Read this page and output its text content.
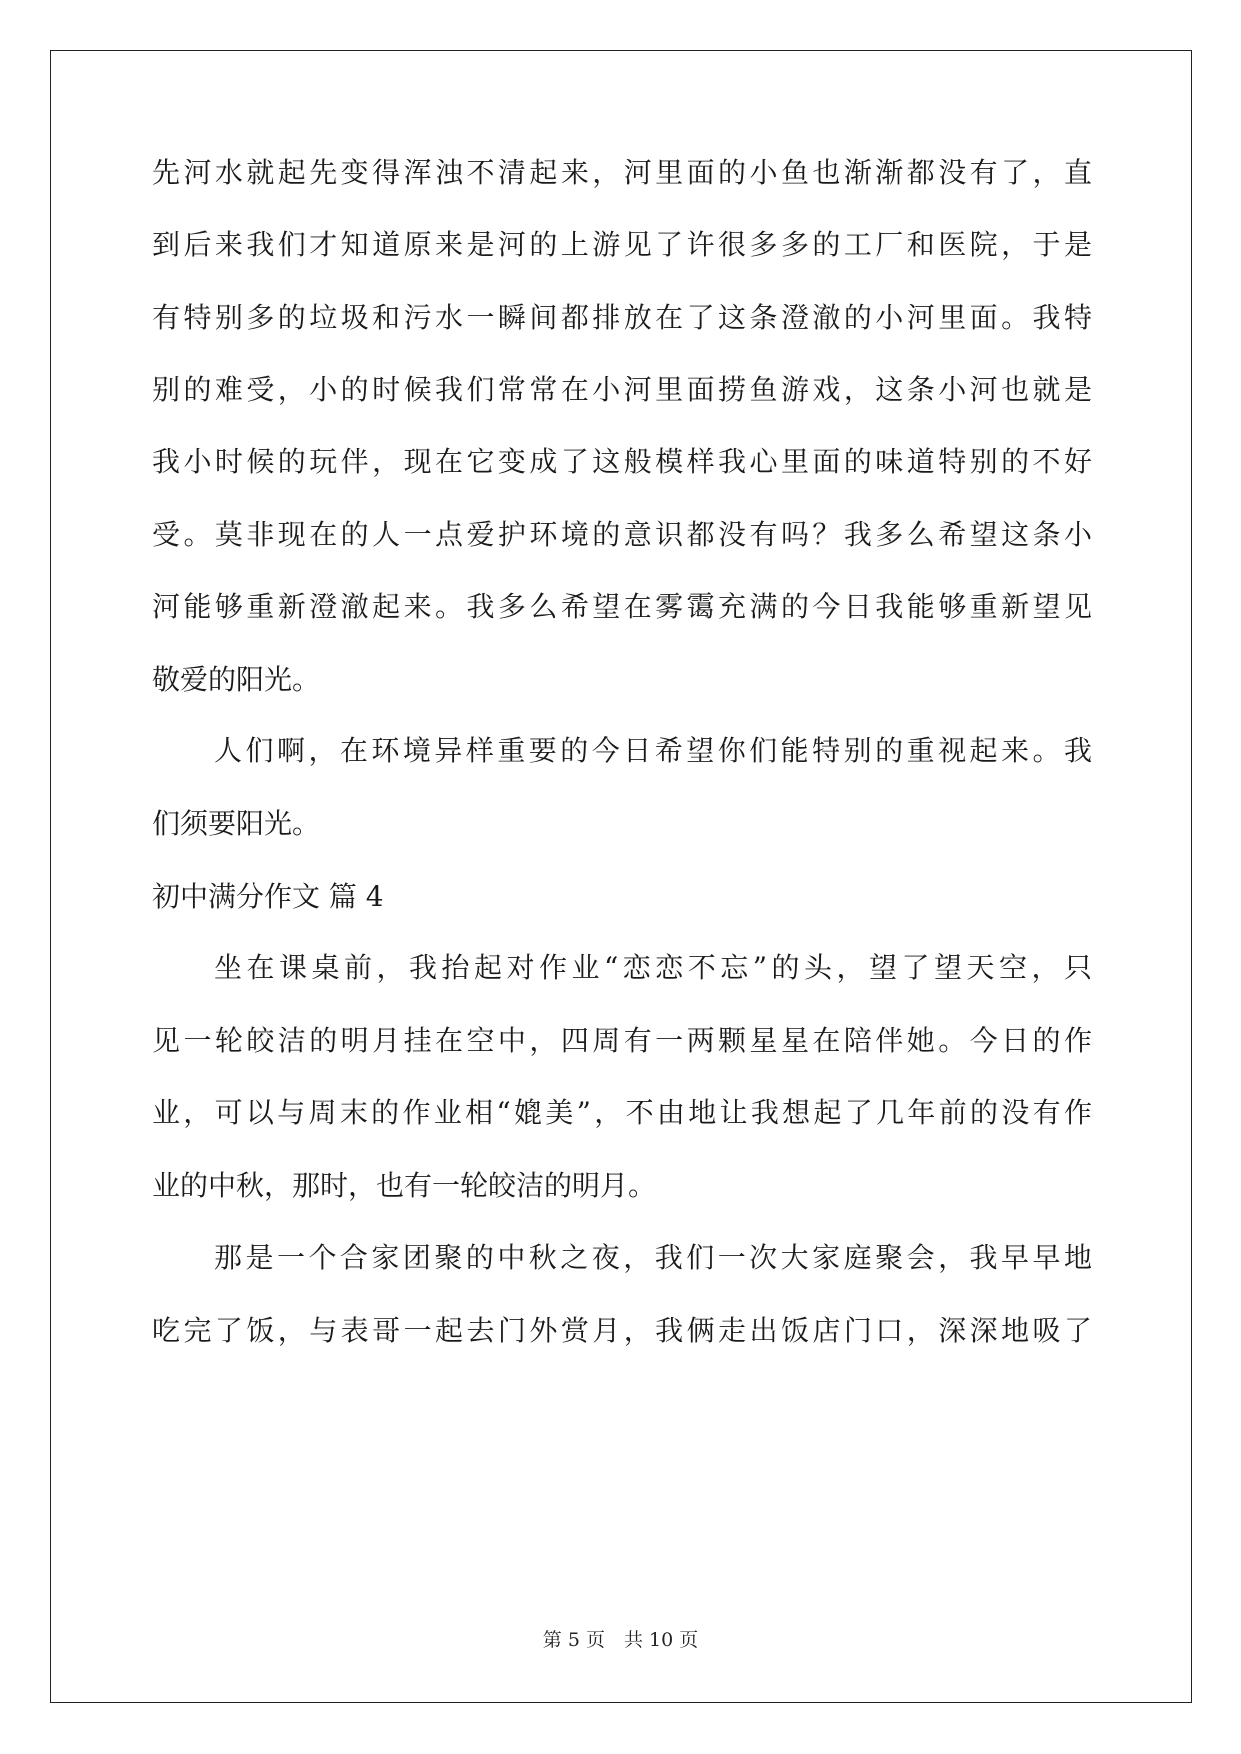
先河水就起先变得浑浊不清起来，河里面的小鱼也渐渐都没有了，直
到后来我们才知道原来是河的上游见了许很多多的工厂和医院，于是
有特别多的垃圾和污水一瞬间都排放在了这条澄澈的小河里面。我特
别的难受，小的时候我们常常在小河里面捞鱼游戏，这条小河也就是
我小时候的玩伴，现在它变成了这般模样我心里面的味道特别的不好
受。莫非现在的人一点爱护环境的意识都没有吗？我多么希望这条小
河能够重新澄澈起来。我多么希望在雾霭充满的今日我能够重新望见
敬爱的阳光。
人们啊，在环境异样重要的今日希望你们能特别的重视起来。我
们须要阳光。
初中满分作文 篇 4
坐在课桌前，我抬起对作业“恋恋不忘”的头，望了望天空，只
见一轮皎洁的明月挂在空中，四周有一两颗星星在陪伴她。今日的作
业，可以与周末的作业相“媲美”，不由地让我想起了几年前的没有作
业的中秋，那时，也有一轮皎洁的明月。
那是一个合家团聚的中秋之夜，我们一次大家庭聚会，我早早地
吃完了饭，与表哥一起去门外赏月，我俩走出饭店门口，深深地吸了
第 5 页　共 10 页
